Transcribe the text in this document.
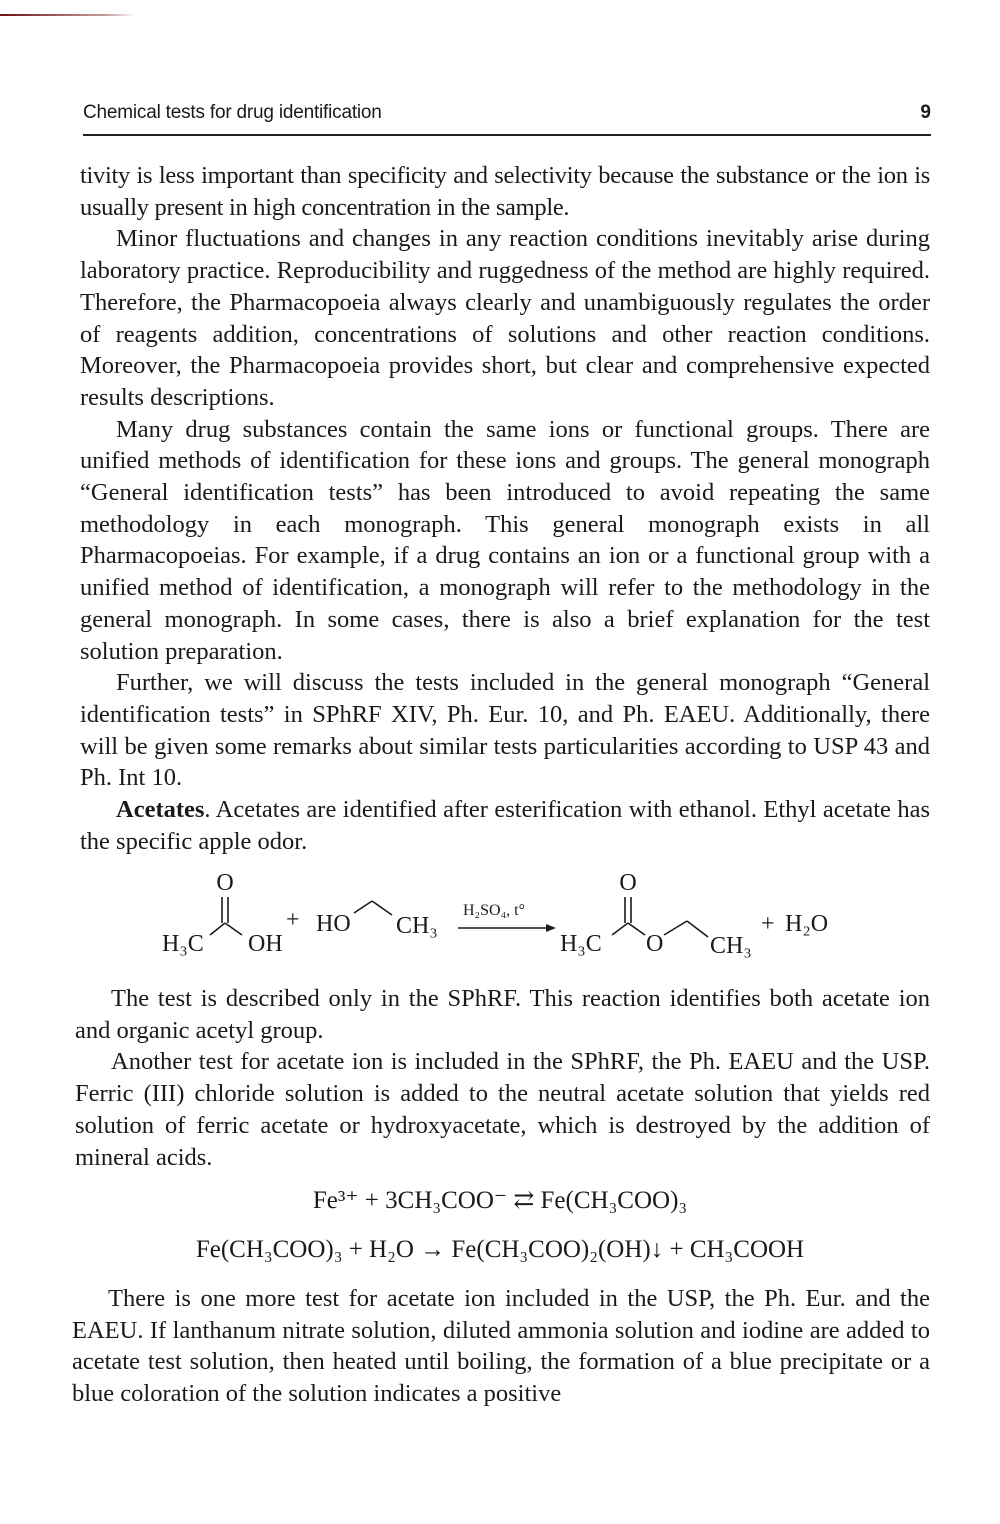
Chemical tests for drug identification	9

tivity is less important than specificity and selectivity because the substance or the ion is usually present in high concentration in the sample.

Minor fluctuations and changes in any reaction conditions inevitably arise during laboratory practice. Reproducibility and ruggedness of the method are highly required. Therefore, the Pharmacopoeia always clearly and unambiguously regulates the order of reagents addition, concentrations of solutions and other reaction conditions. Moreover, the Pharmacopoeia provides short, but clear and comprehensive expected results descriptions.

Many drug substances contain the same ions or functional groups. There are unified methods of identification for these ions and groups. The general monograph “General identification tests” has been introduced to avoid repeating the same methodology in each monograph. This general monograph exists in all Pharmacopoeias. For example, if a drug contains an ion or a functional group with a unified method of identification, a monograph will refer to the methodology in the general monograph. In some cases, there is also a brief explanation for the test solution preparation.

Further, we will discuss the tests included in the general monograph “General identification tests” in SPhRF XIV, Ph. Eur. 10, and Ph. EAEU. Additionally, there will be given some remarks about similar tests particularities according to USP 43 and Ph. Int 10.

Acetates. Acetates are identified after esterification with ethanol. Ethyl acetate has the specific apple odor.

O
H₃C OH
+ HO CH₃
H₂SO₄, t°
O
H₃C O CH₃
+ H₂O

The test is described only in the SPhRF. This reaction identifies both acetate ion and organic acetyl group.

Another test for acetate ion is included in the SPhRF, the Ph. EAEU and the USP. Ferric (III) chloride solution is added to the neutral acetate solution that yields red solution of ferric acetate or hydroxyacetate, which is destroyed by the addition of mineral acids.

Fe³⁺ + 3CH₃COO⁻ ⇄ Fe(CH₃COO)₃
Fe(CH₃COO)₃ + H₂O → Fe(CH₃COO)₂(OH)↓ + CH₃COOH

There is one more test for acetate ion included in the USP, the Ph. Eur. and the EAEU. If lanthanum nitrate solution, diluted ammonia solution and iodine are added to acetate test solution, then heated until boiling, the formation of a blue precipitate or a blue coloration of the solution indicates a positive
